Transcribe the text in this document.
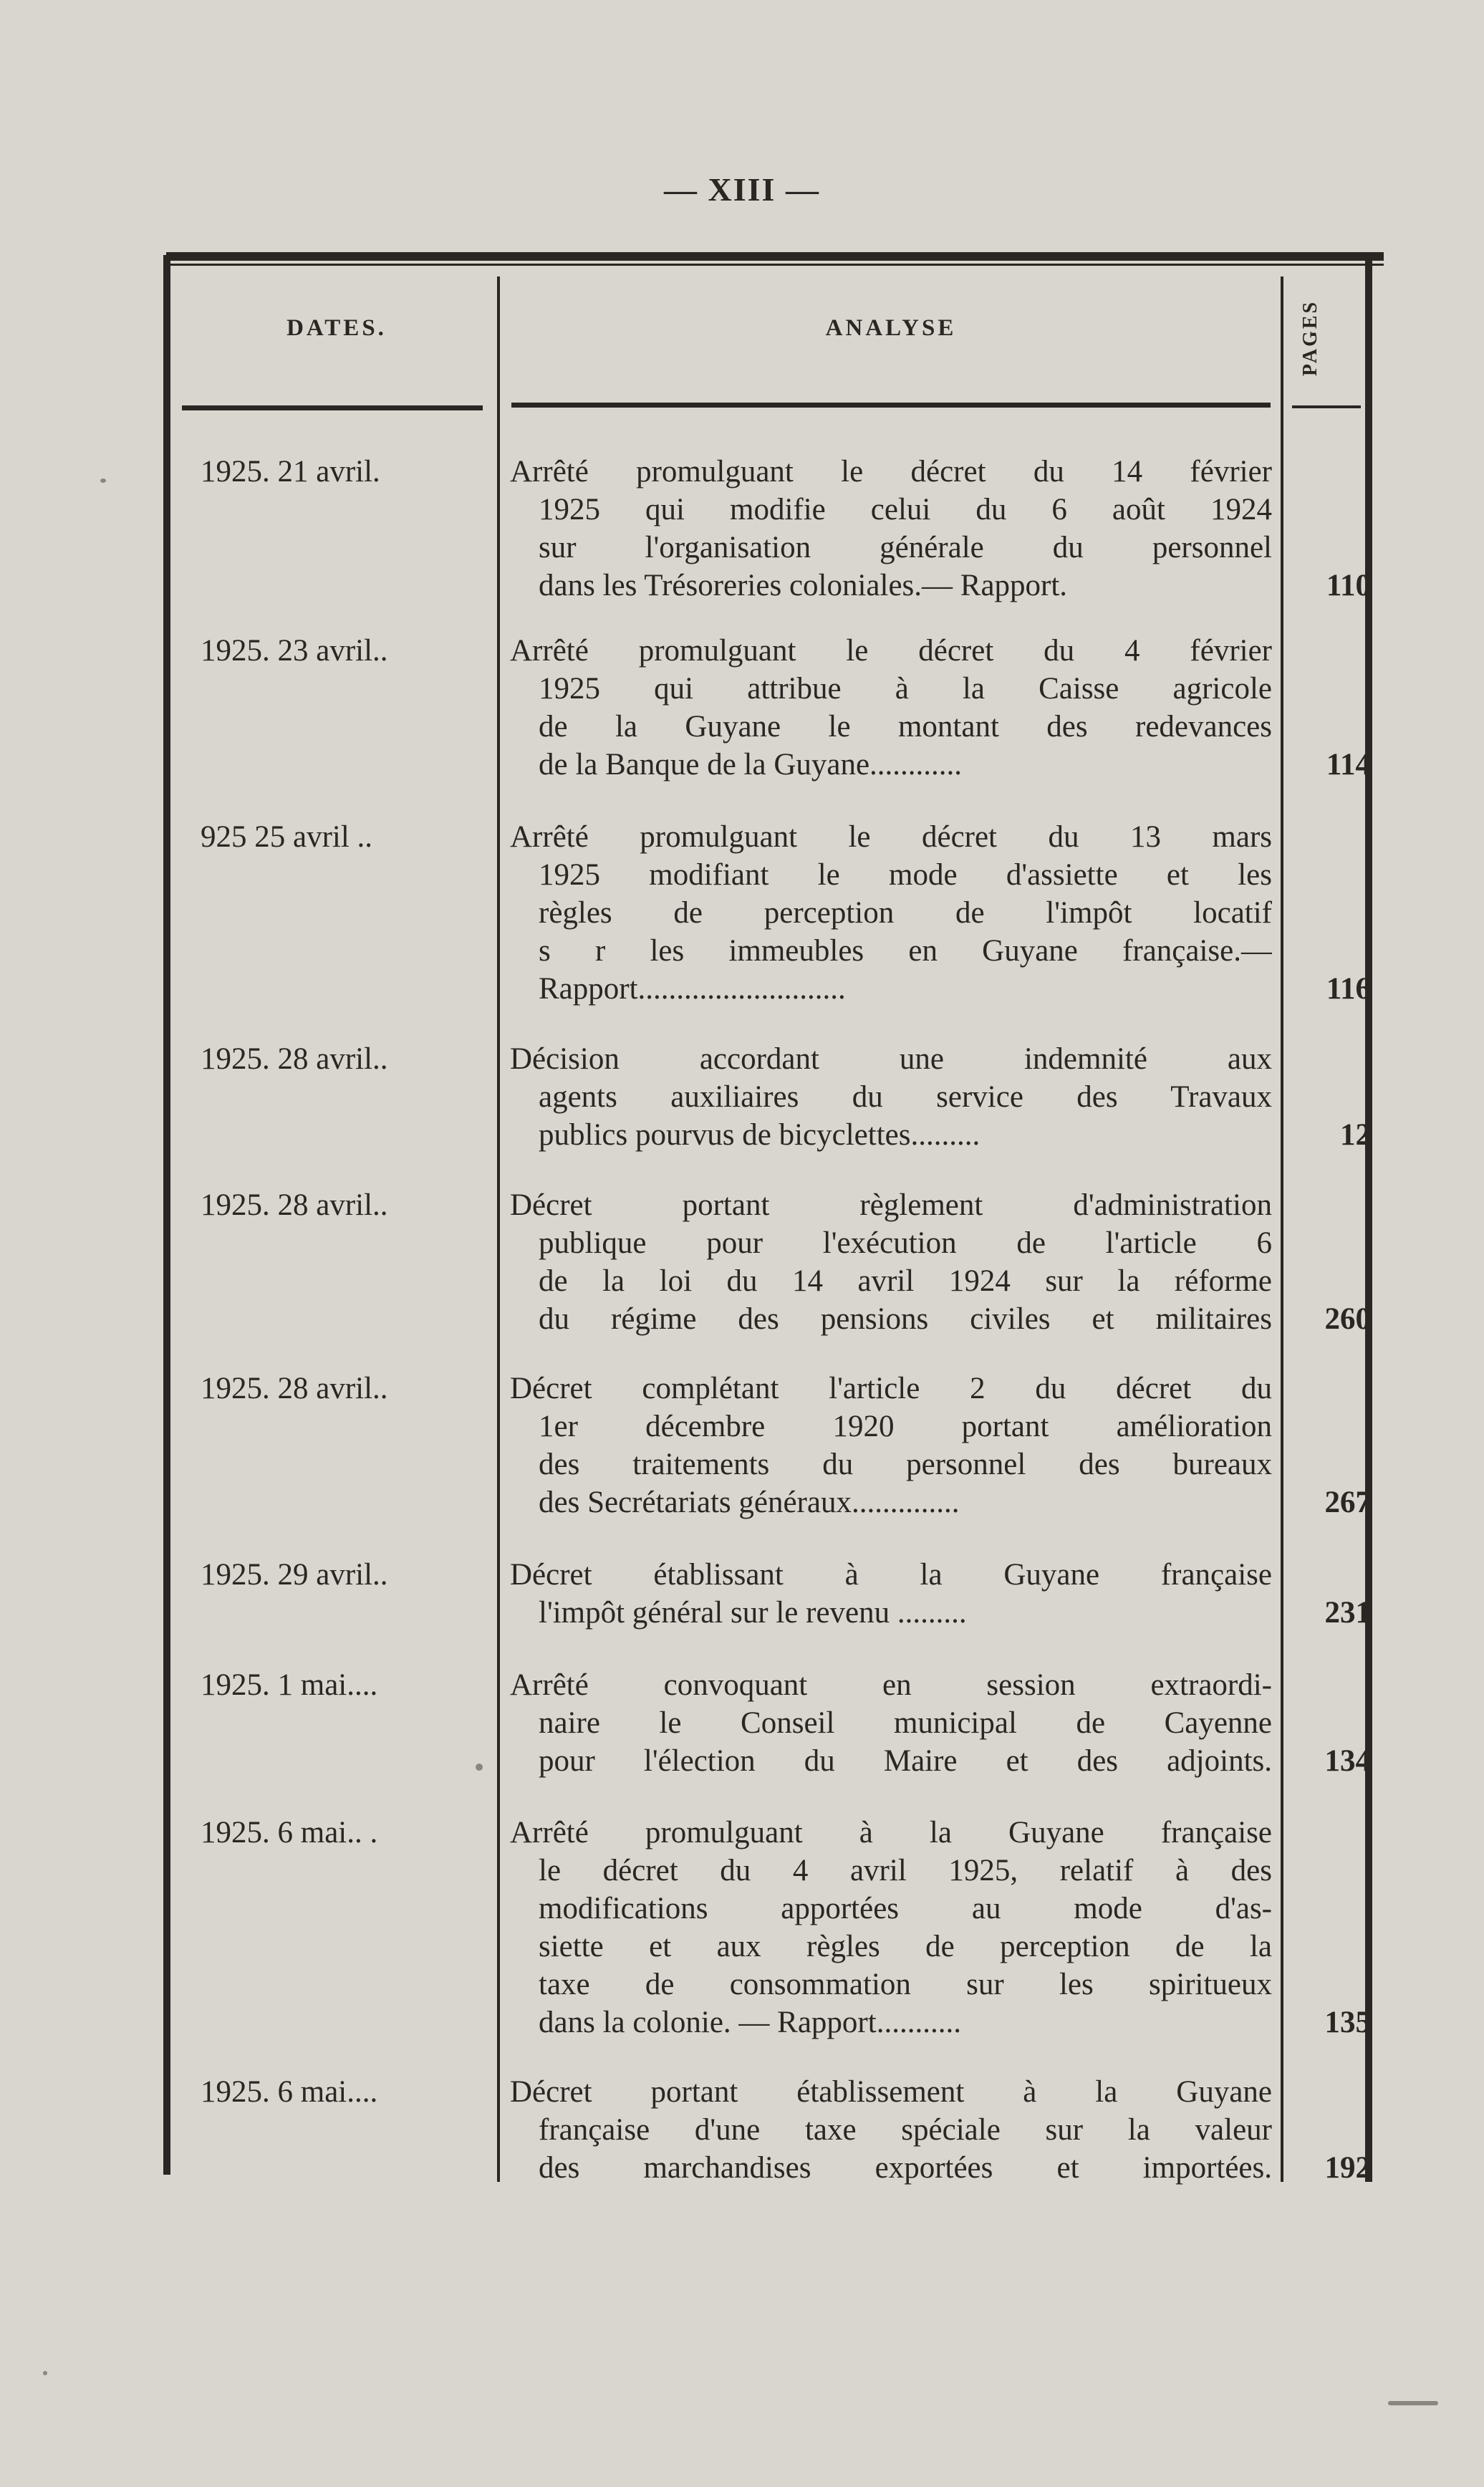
— XIII —
DATES.	ANALYSE	PAGES
1925. 21 avril.	Arrêté promulguant le décret du 14 février
1925 qui modifie celui du 6 août 1924
sur l'organisation générale du personnel
dans les Trésoreries coloniales.— Rapport.	110
1925. 23 avril..	Arrêté promulguant le décret du 4 février
1925 qui attribue à la Caisse agricole
de la Guyane le montant des redevances
de la Banque de la Guyane............	114
925 25 avril ..	Arrêté promulguant le décret du 13 mars
1925 modifiant le mode d'assiette et les
règles de perception de l'impôt locatif
s r les immeubles en Guyane française.—
Rapport...........................	116
1925. 28 avril..	Décision accordant une indemnité aux
agents auxiliaires du service des Travaux
publics pourvus de bicyclettes.........	12
1925. 28 avril..	Décret portant règlement d'administration
publique pour l'exécution de l'article 6
de la loi du 14 avril 1924 sur la réforme
du régime des pensions civiles et militaires	260
1925. 28 avril..	Décret complétant l'article 2 du décret du
1er décembre 1920 portant amélioration
des traitements du personnel des bureaux
des Secrétariats généraux..............	267
1925. 29 avril..	Décret établissant à la Guyane française
l'impôt général sur le revenu .........	231
1925. 1 mai....	Arrêté convoquant en session extraordi-
naire le Conseil municipal de Cayenne
pour l'élection du Maire et des adjoints.	134
1925. 6 mai.. .	Arrêté promulguant à la Guyane française
le décret du 4 avril 1925, relatif à des
modifications apportées au mode d'as-
siette et aux règles de perception de la
taxe de consommation sur les spiritueux
dans la colonie. — Rapport...........	135
1925. 6 mai....	Décret portant établissement à la Guyane
française d'une taxe spéciale sur la valeur
des marchandises exportées et importées.	192
